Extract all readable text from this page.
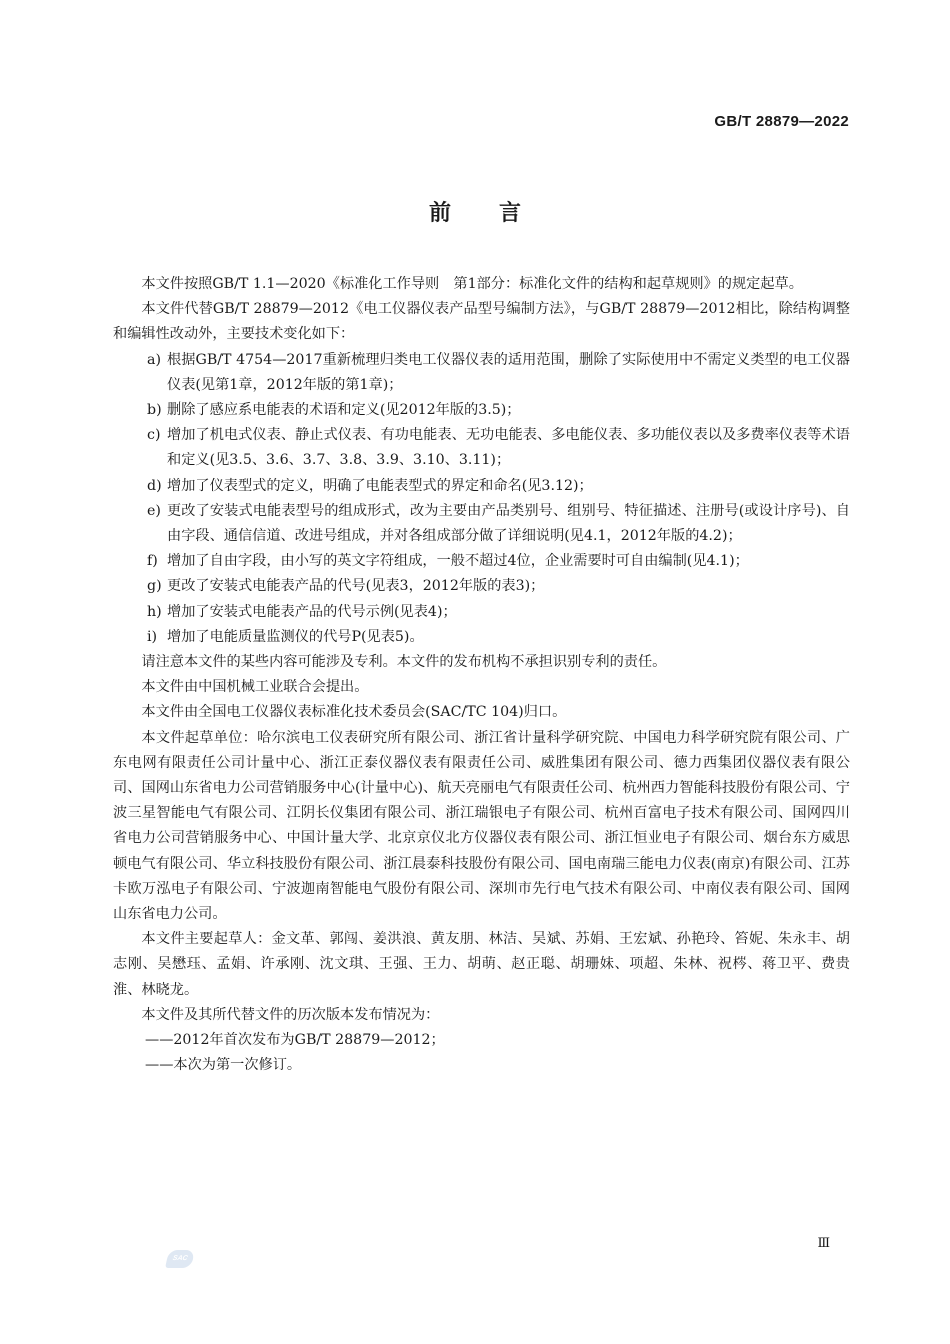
GB/T 28879—2022
前言

本文件按照GB/T 1.1—2020《标准化工作导则　第1部分：标准化文件的结构和起草规则》的规定起草。

本文件代替GB/T 28879—2012《电工仪器仪表产品型号编制方法》，与GB/T 28879—2012相比，除结构调整和编辑性改动外，主要技术变化如下：

a) 根据GB/T 4754—2017重新梳理归类电工仪器仪表的适用范围，删除了实际使用中不需定义类型的电工仪器仪表(见第1章，2012年版的第1章)；

b) 删除了感应系电能表的术语和定义(见2012年版的3.5)；

c) 增加了机电式仪表、静止式仪表、有功电能表、无功电能表、多电能仪表、多功能仪表以及多费率仪表等术语和定义(见3.5、3.6、3.7、3.8、3.9、3.10、3.11)；

d) 增加了仪表型式的定义，明确了电能表型式的界定和命名(见3.12)；

e) 更改了安装式电能表型号的组成形式，改为主要由产品类别号、组别号、特征描述、注册号(或设计序号)、自由字段、通信信道、改进号组成，并对各组成部分做了详细说明(见4.1，2012年版的4.2)；

f) 增加了自由字段，由小写的英文字符组成，一般不超过4位，企业需要时可自由编制(见4.1)；

g) 更改了安装式电能表产品的代号(见表3，2012年版的表3)；

h) 增加了安装式电能表产品的代号示例(见表4)；

i) 增加了电能质量监测仪的代号P(见表5)。

请注意本文件的某些内容可能涉及专利。本文件的发布机构不承担识别专利的责任。

本文件由中国机械工业联合会提出。

本文件由全国电工仪器仪表标准化技术委员会(SAC/TC 104)归口。

本文件起草单位：哈尔滨电工仪表研究所有限公司、浙江省计量科学研究院、中国电力科学研究院有限公司、广东电网有限责任公司计量中心、浙江正泰仪器仪表有限责任公司、威胜集团有限公司、德力西集团仪器仪表有限公司、国网山东省电力公司营销服务中心(计量中心)、航天亮丽电气有限责任公司、杭州西力智能科技股份有限公司、宁波三星智能电气有限公司、江阴长仪集团有限公司、浙江瑞银电子有限公司、杭州百富电子技术有限公司、国网四川省电力公司营销服务中心、中国计量大学、北京京仪北方仪器仪表有限公司、浙江恒业电子有限公司、烟台东方威思顿电气有限公司、华立科技股份有限公司、浙江晨泰科技股份有限公司、国电南瑞三能电力仪表(南京)有限公司、江苏卡欧万泓电子有限公司、宁波迦南智能电气股份有限公司、深圳市先行电气技术有限公司、中南仪表有限公司、国网山东省电力公司。

本文件主要起草人：金文革、郭闯、姜洪浪、黄友朋、林洁、吴斌、苏娟、王宏斌、孙艳玲、笞妮、朱永丰、胡志刚、吴懋珏、孟娟、许承刚、沈文琪、王强、王力、胡萌、赵正聪、胡珊妹、项超、朱林、祝梣、蒋卫平、费贵淮、林晓龙。

本文件及其所代替文件的历次版本发布情况为：

——2012年首次发布为GB/T 28879—2012；

——本次为第一次修订。

Ⅲ
SAC
